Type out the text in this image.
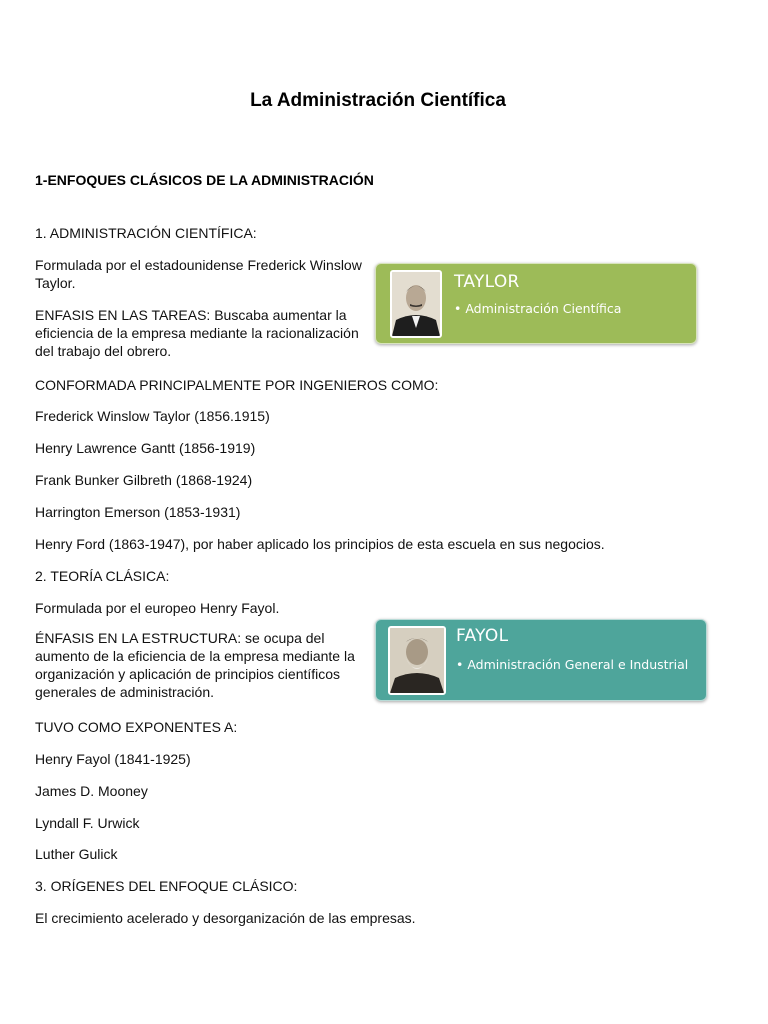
La Administración Científica
1-ENFOQUES CLÁSICOS DE LA ADMINISTRACIÓN

1. ADMINISTRACIÓN CIENTÍFICA:

Formulada por el estadounidense Frederick Winslow Taylor.

ENFASIS EN LAS TAREAS: Buscaba aumentar la eficiencia de la empresa mediante la racionalización del trabajo del obrero.

CONFORMADA PRINCIPALMENTE POR INGENIEROS COMO:

Frederick Winslow Taylor (1856.1915)

Henry Lawrence Gantt (1856-1919)

Frank Bunker Gilbreth (1868-1924)

Harrington Emerson (1853-1931)

Henry Ford (1863-1947), por haber aplicado los principios de esta escuela en sus negocios.

2. TEORÍA CLÁSICA:

Formulada por el europeo Henry Fayol.

ÉNFASIS EN LA ESTRUCTURA: se ocupa del aumento de la eficiencia de la empresa mediante la organización y aplicación de principios científicos generales de administración.

TUVO COMO EXPONENTES A:

Henry Fayol (1841-1925)

James D. Mooney

Lyndall F. Urwick

Luther Gulick

3. ORÍGENES DEL ENFOQUE CLÁSICO:

El crecimiento acelerado y desorganización de las empresas.

TAYLOR
• Administración Científica
FAYOL
• Administración General e Industrial
